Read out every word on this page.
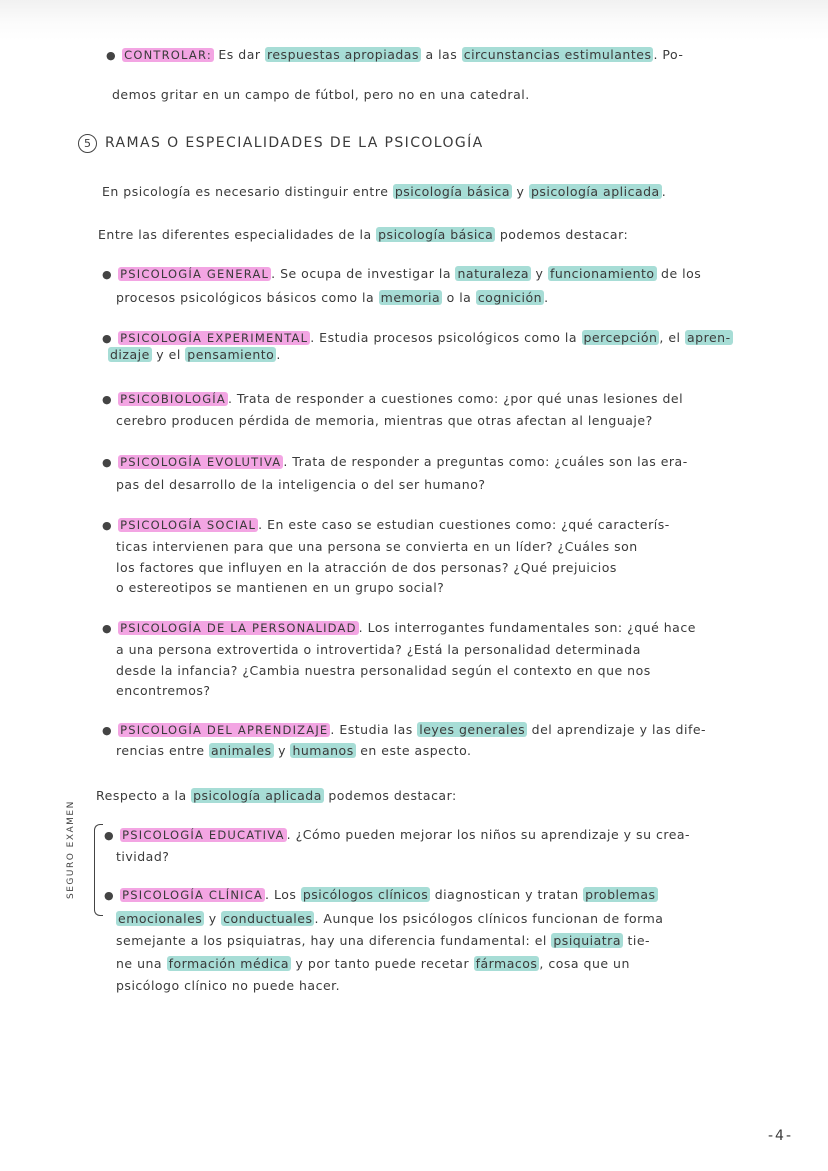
● CONTROLAR: Es dar respuestas apropiadas a las circunstancias estimulantes . Po-
demos gritar en un campo de fútbol, pero no en una catedral.
5 RAMAS O ESPECIALIDADES DE LA PSICOLOGÍA
En psicología es necesario distinguir entre psicología básica y psicología aplicada .
Entre las diferentes especialidades de la psicología básica podemos destacar:
● PSICOLOGÍA GENERAL . Se ocupa de investigar la naturaleza y funcionamiento de los
procesos psicológicos básicos como la memoria o la cognición .
● PSICOLOGÍA EXPERIMENTAL . Estudia procesos psicológicos como la percepción , el apren-
dizaje y el pensamiento .
● PSICOBIOLOGÍA . Trata de responder a cuestiones como: ¿por qué unas lesiones del
cerebro producen pérdida de memoria, mientras que otras afectan al lenguaje?
● PSICOLOGÍA EVOLUTIVA . Trata de responder a preguntas como: ¿cuáles son las era-
pas del desarrollo de la inteligencia o del ser humano?
● PSICOLOGÍA SOCIAL . En este caso se estudian cuestiones como: ¿qué caracterís-
ticas intervienen para que una persona se convierta en un líder? ¿Cuáles son
los factores que influyen en la atracción de dos personas? ¿Qué prejuicios
o estereotipos se mantienen en un grupo social?
● PSICOLOGÍA DE LA PERSONALIDAD . Los interrogantes fundamentales son: ¿qué hace
a una persona extrovertida o introvertida? ¿Está la personalidad determinada
desde la infancia? ¿Cambia nuestra personalidad según el contexto en que nos
encontremos?
● PSICOLOGÍA DEL APRENDIZAJE . Estudia las leyes generales del aprendizaje y las dife-
rencias entre animales y humanos en este aspecto.
Respecto a la psicología aplicada podemos destacar:
SEGURO EXAMEN	● PSICOLOGÍA EDUCATIVA . ¿Cómo pueden mejorar los niños su aprendizaje y su crea-
tividad?
● PSICOLOGÍA CLÍNICA . Los psicólogos clínicos diagnostican y tratan problemas
emocionales y conductuales . Aunque los psicólogos clínicos funcionan de forma
semejante a los psiquiatras, hay una diferencia fundamental: el psiquiatra tie-
ne una formación médica y por tanto puede recetar fármacos , cosa que un
psicólogo clínico no puede hacer.
-4-
